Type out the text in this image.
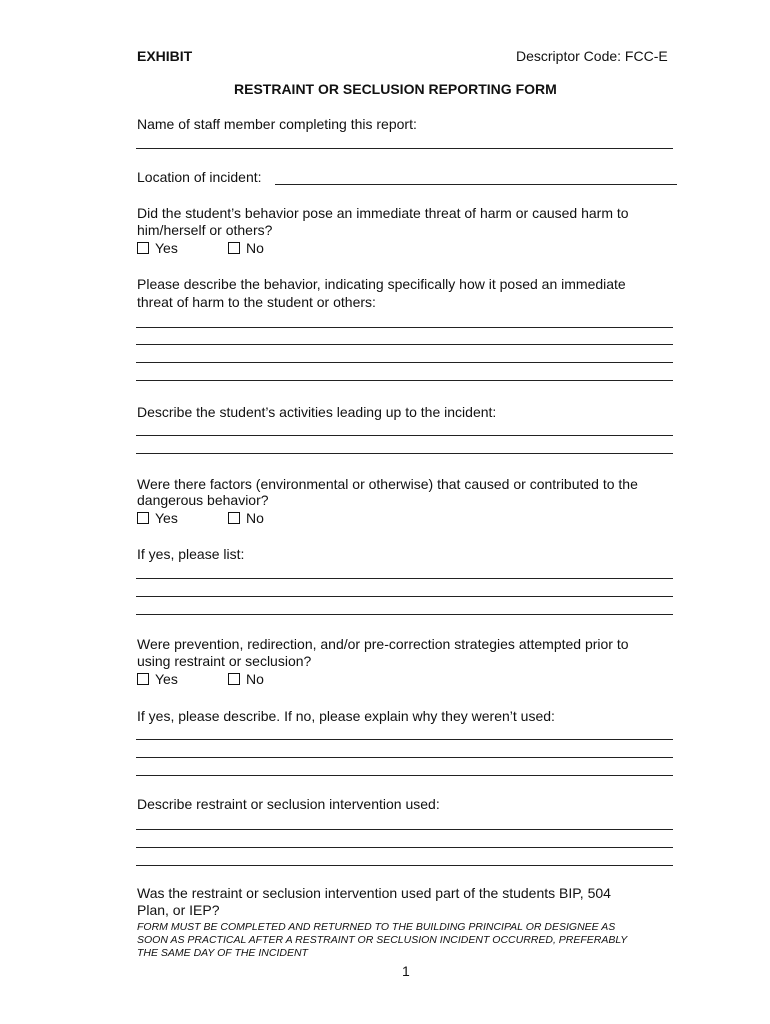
EXHIBIT	Descriptor Code: FCC-E
RESTRAINT OR SECLUSION REPORTING FORM
Name of staff member completing this report:
Location of incident:
Did the student’s behavior pose an immediate threat of harm or caused harm to
him/herself or others?
Yes	No
Please describe the behavior, indicating specifically how it posed an immediate
threat of harm to the student or others:
Describe the student’s activities leading up to the incident:
Were there factors (environmental or otherwise) that caused or contributed to the
dangerous behavior?
Yes	No
If yes, please list:
Were prevention, redirection, and/or pre-correction strategies attempted prior to
using restraint or seclusion?
Yes	No
If yes, please describe. If no, please explain why they weren’t used:
Describe restraint or seclusion intervention used:
Was the restraint or seclusion intervention used part of the students BIP, 504
Plan, or IEP?
FORM MUST BE COMPLETED AND RETURNED TO THE BUILDING PRINCIPAL OR DESIGNEE AS
SOON AS PRACTICAL AFTER A RESTRAINT OR SECLUSION INCIDENT OCCURRED, PREFERABLY
THE SAME DAY OF THE INCIDENT
1
